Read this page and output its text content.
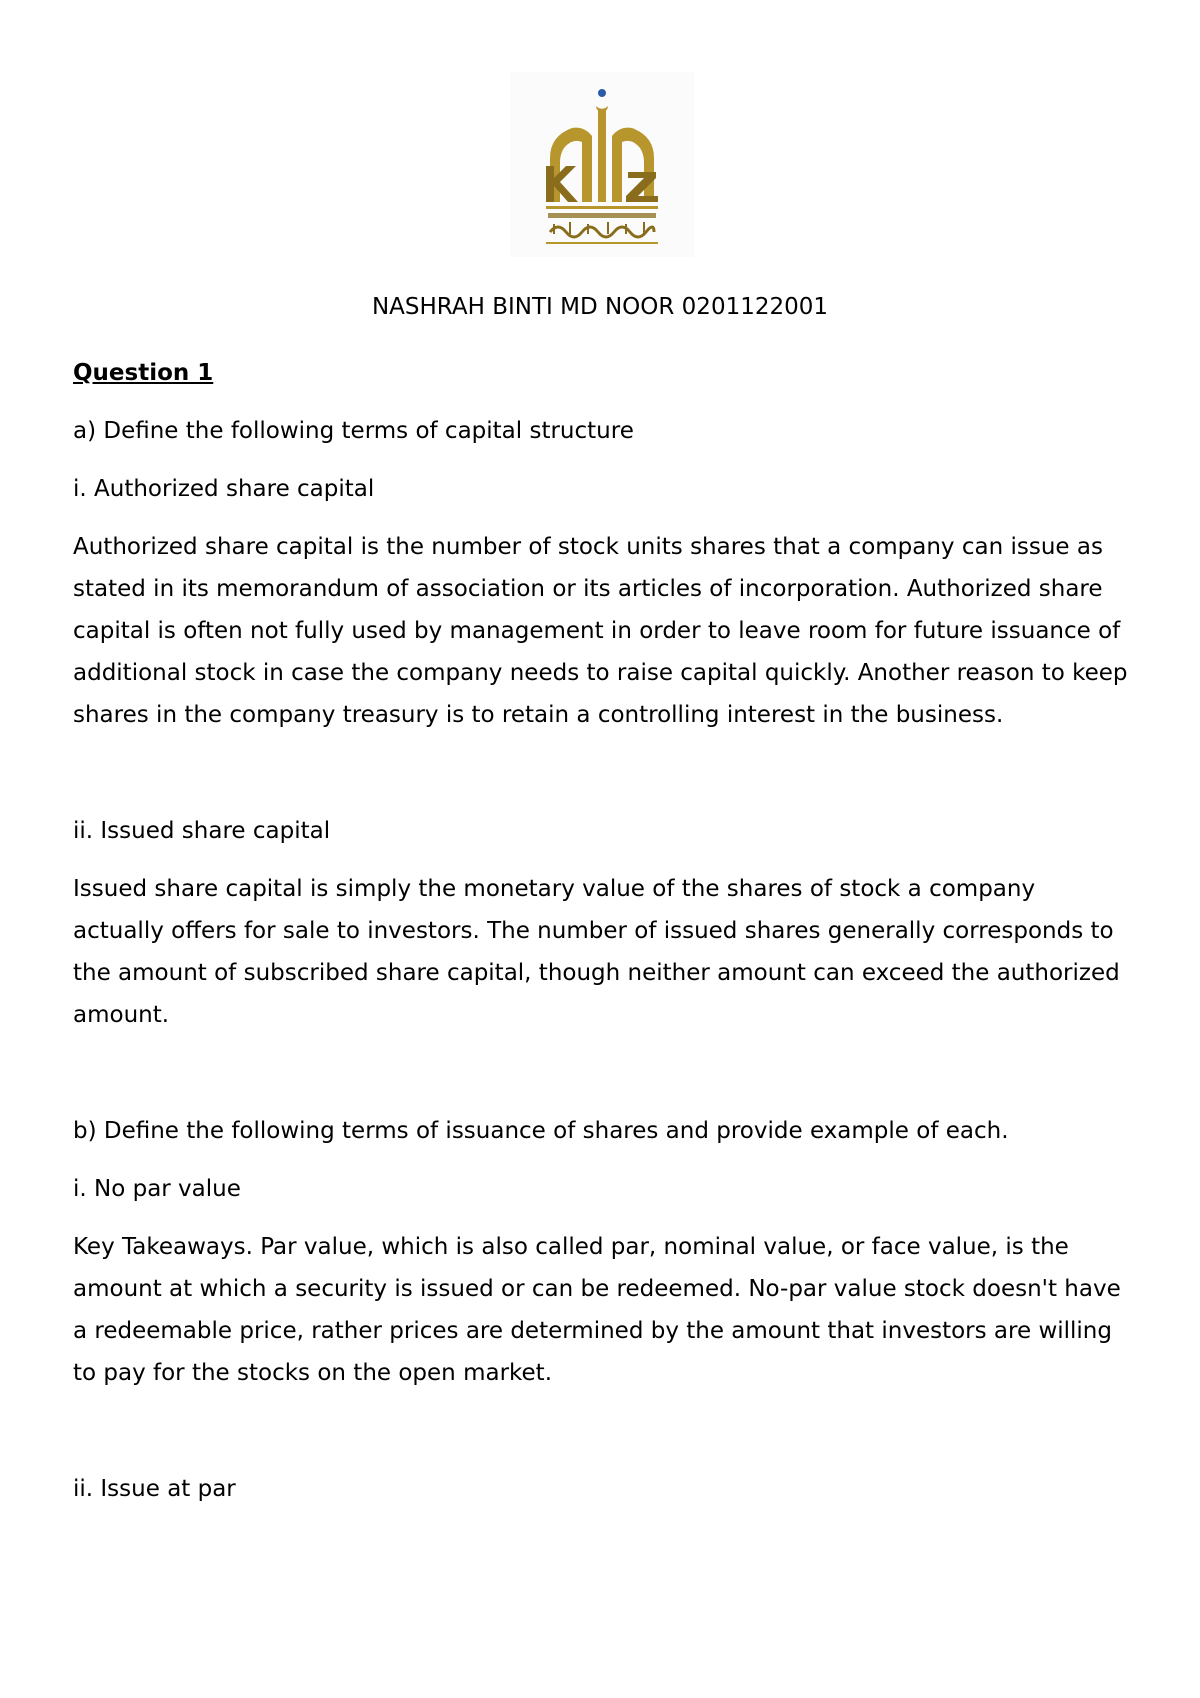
NASHRAH BINTI MD NOOR 0201122001

Question 1

a) Define the following terms of capital structure

i. Authorized share capital

Authorized share capital is the number of stock units shares that a company can issue as stated in its memorandum of association or its articles of incorporation. Authorized share capital is often not fully used by management in order to leave room for future issuance of additional stock in case the company needs to raise capital quickly. Another reason to keep shares in the company treasury is to retain a controlling interest in the business.

ii. Issued share capital

Issued share capital is simply the monetary value of the shares of stock a company actually offers for sale to investors. The number of issued shares generally corresponds to the amount of subscribed share capital, though neither amount can exceed the authorized amount.

b) Define the following terms of issuance of shares and provide example of each.

i. No par value

Key Takeaways. Par value, which is also called par, nominal value, or face value, is the amount at which a security is issued or can be redeemed. No-par value stock doesn't have a redeemable price, rather prices are determined by the amount that investors are willing to pay for the stocks on the open market.

ii. Issue at par
